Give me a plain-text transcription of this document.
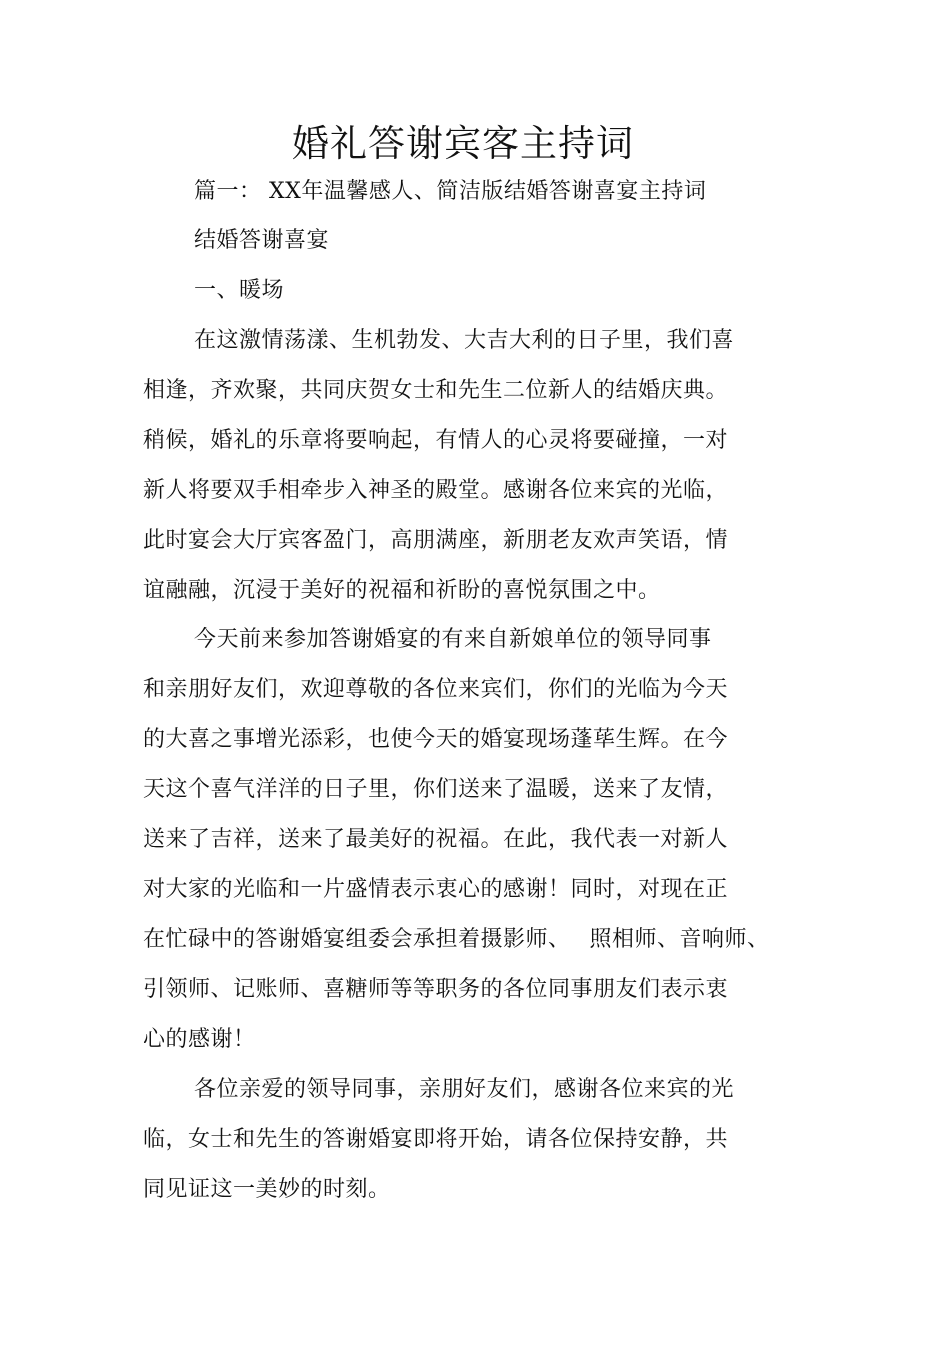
婚礼答谢宾客主持词
篇一： XX年温馨感人、简洁版结婚答谢喜宴主持词
结婚答谢喜宴
一、暖场
在这激情荡漾、生机勃发、大吉大利的日子里，我们喜
相逢，齐欢聚，共同庆贺女士和先生二位新人的结婚庆典。
稍候，婚礼的乐章将要响起，有情人的心灵将要碰撞，一对
新人将要双手相牵步入神圣的殿堂。感谢各位来宾的光临，
此时宴会大厅宾客盈门，高朋满座，新朋老友欢声笑语，情
谊融融，沉浸于美好的祝福和祈盼的喜悦氛围之中。
今天前来参加答谢婚宴的有来自新娘单位的领导同事
和亲朋好友们，欢迎尊敬的各位来宾们，你们的光临为今天
的大喜之事增光添彩，也使今天的婚宴现场蓬荜生辉。在今
天这个喜气洋洋的日子里，你们送来了温暖，送来了友情，
送来了吉祥，送来了最美好的祝福。在此，我代表一对新人
对大家的光临和一片盛情表示衷心的感谢！同时，对现在正
在忙碌中的答谢婚宴组委会承担着摄影师、　 照相师、音响师、
引领师、记账师、喜糖师等等职务的各位同事朋友们表示衷
心的感谢！
各位亲爱的领导同事，亲朋好友们，感谢各位来宾的光
临，女士和先生的答谢婚宴即将开始，请各位保持安静，共
同见证这一美妙的时刻。
